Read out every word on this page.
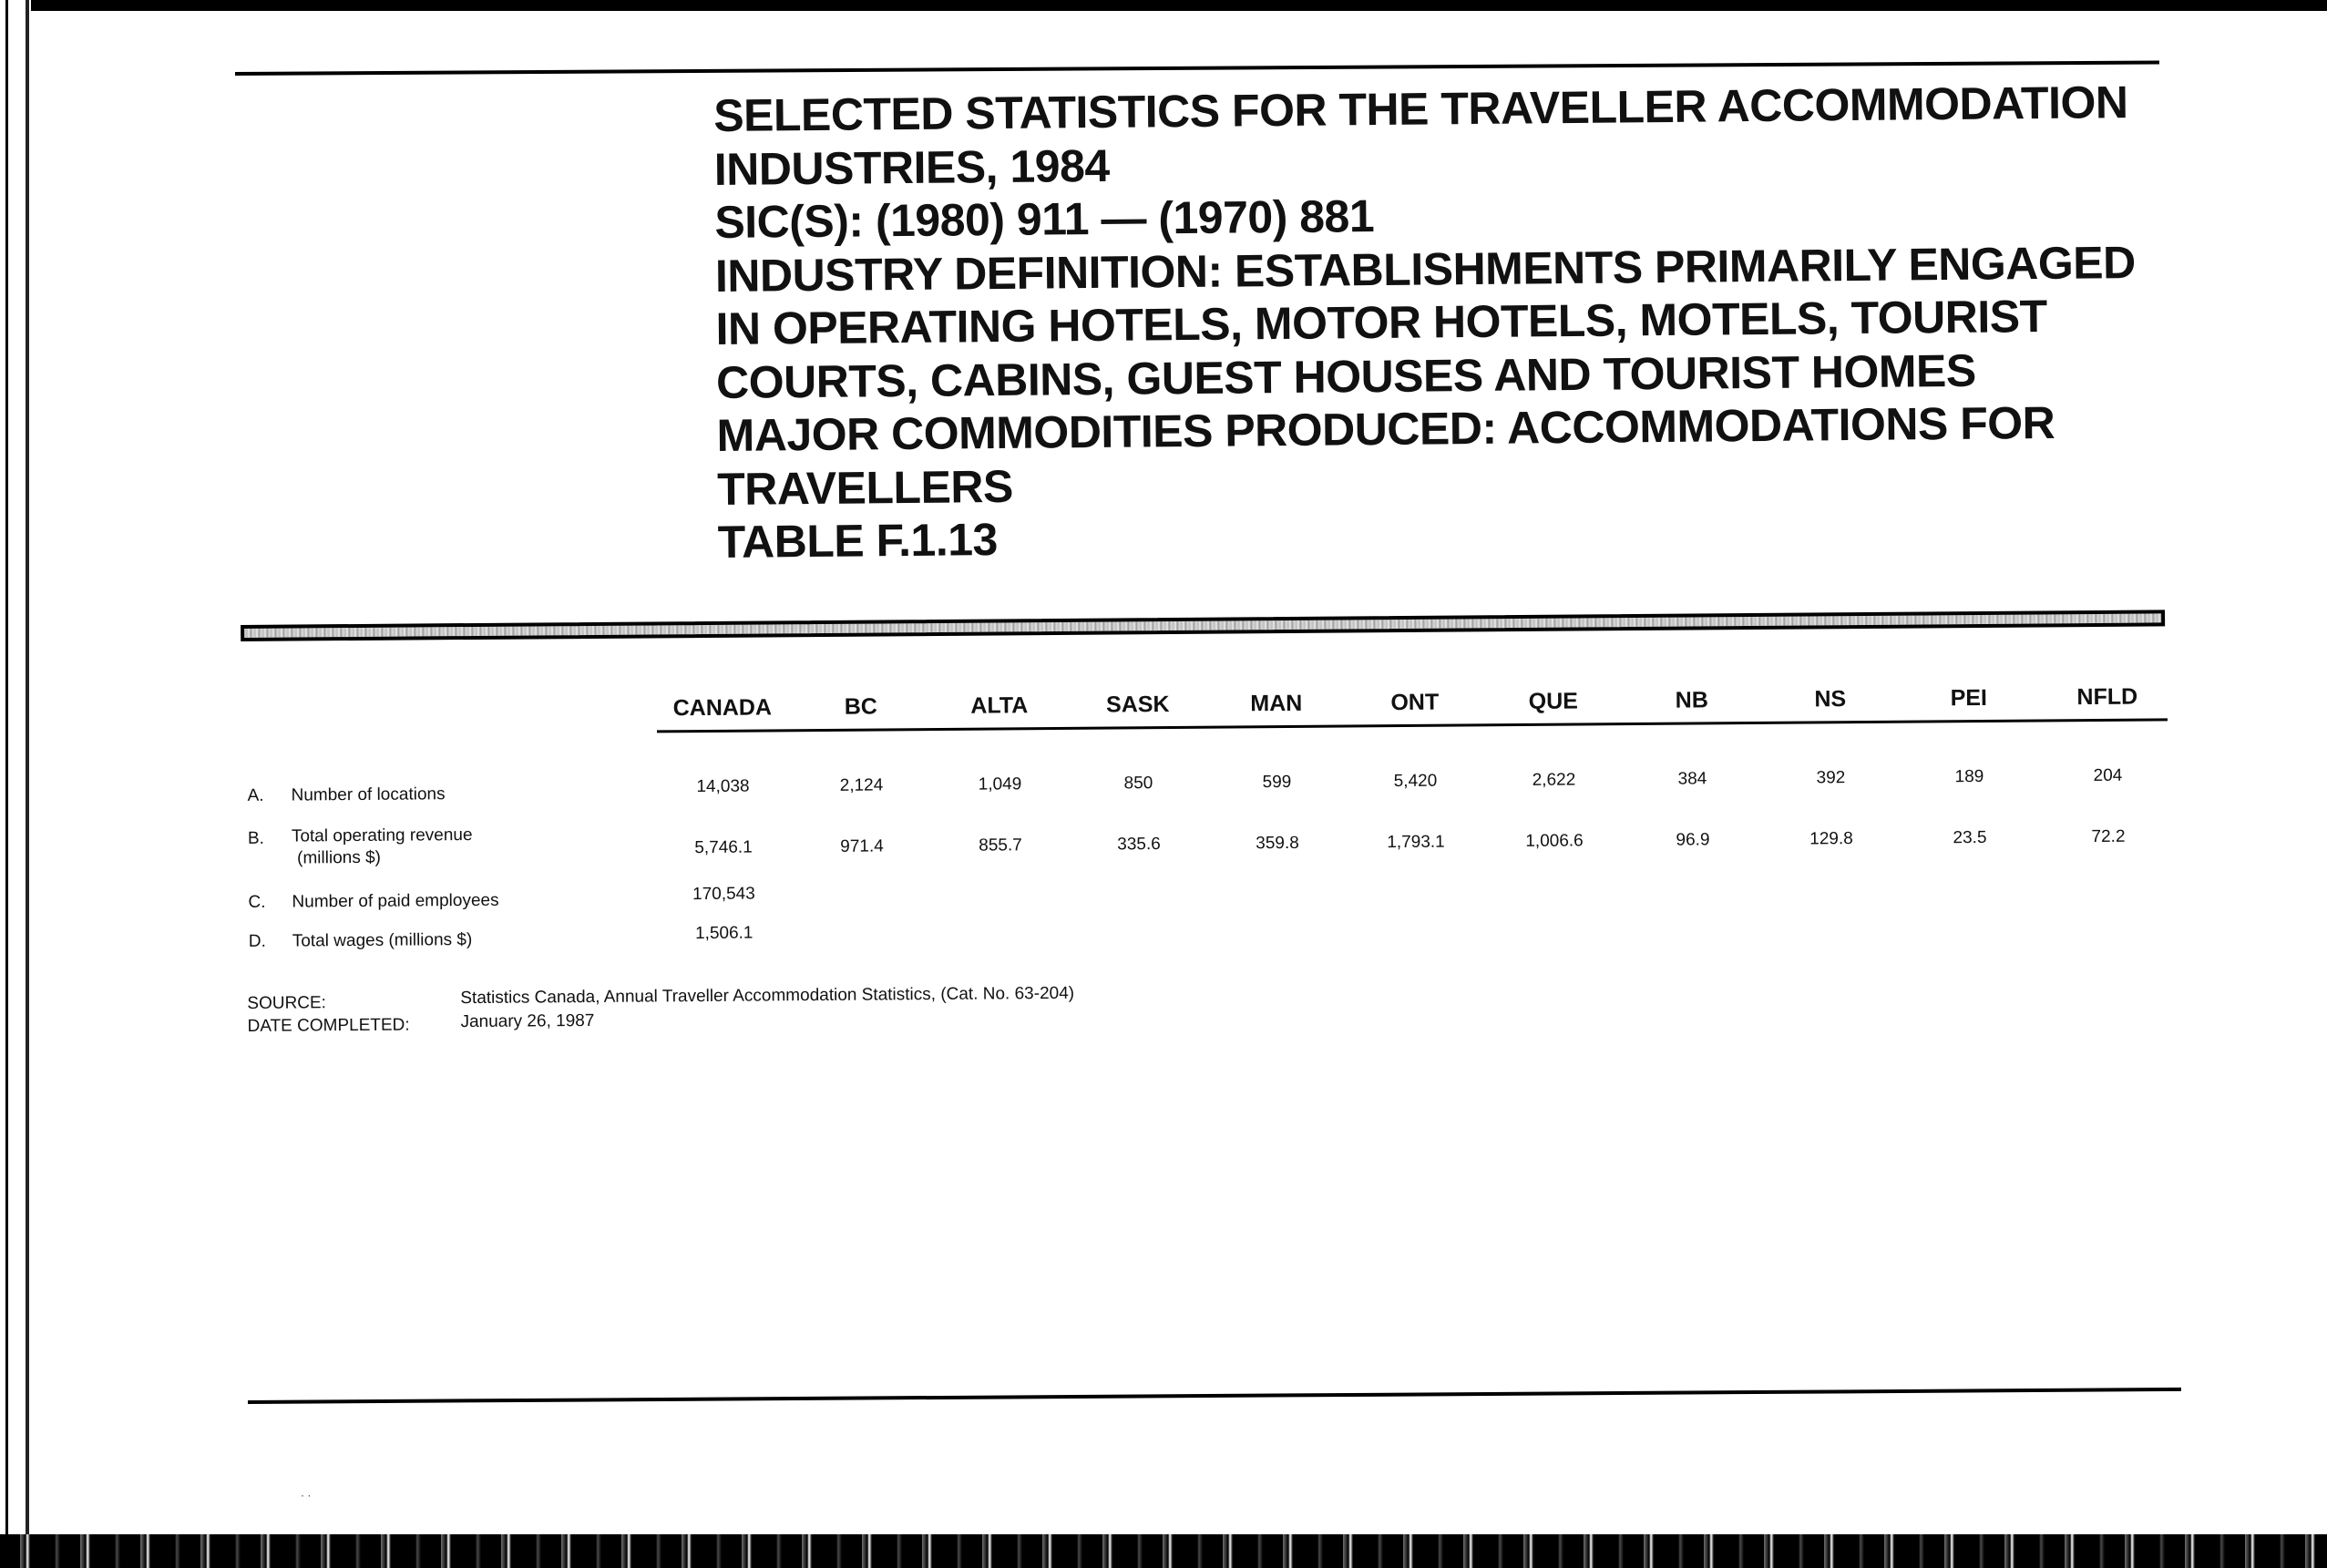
SELECTED STATISTICS FOR THE TRAVELLER ACCOMMODATION
INDUSTRIES, 1984
SIC(S): (1980) 911 — (1970) 881
INDUSTRY DEFINITION: ESTABLISHMENTS PRIMARILY ENGAGED
IN OPERATING HOTELS, MOTOR HOTELS, MOTELS, TOURIST
COURTS, CABINS, GUEST HOUSES AND TOURIST HOMES
MAJOR COMMODITIES PRODUCED: ACCOMMODATIONS FOR
TRAVELLERS
TABLE F.1.13
CANADA	BC	ALTA	SASK	MAN	ONT	QUE	NB	NS	PEI	NFLD
A. Number of locations	14,038	2,124	1,049	850	599	5,420	2,622	384	392	189	204
B. Total operating revenue
(millions $)
5,746.1	971.4	855.7	335.6	359.8	1,793.1	1,006.6	96.9	129.8	23.5	72.2
C. Number of paid employees	170,543
D. Total wages (millions $)	1,506.1
SOURCE:	Statistics Canada, Annual Traveller Accommodation Statistics, (Cat. No. 63-204)
DATE COMPLETED:	January 26, 1987
· ·
